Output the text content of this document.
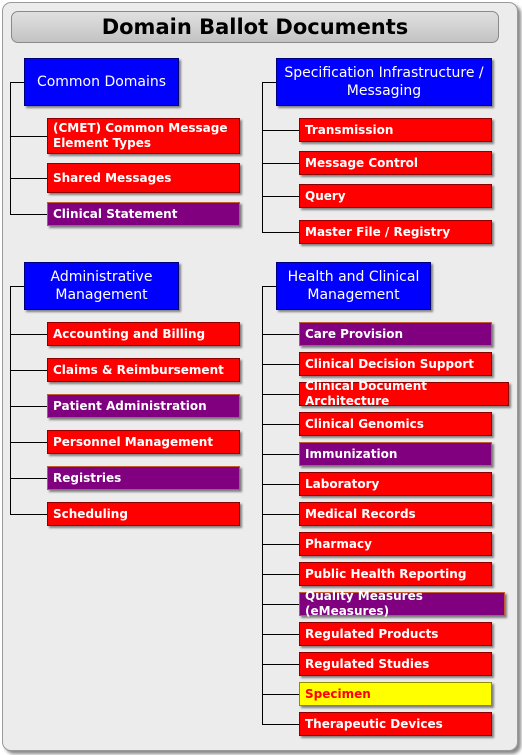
Domain Ballot Documents
Common Domains
(CMET) Common Message Element Types
Shared Messages
Clinical Statement
Specification Infrastructure / Messaging
Transmission
Message Control
Query
Master File / Registry
Administrative Management
Accounting and Billing
Claims & Reimbursement
Patient Administration
Personnel Management
Registries
Scheduling
Health and Clinical Management
Care Provision
Clinical Decision Support
Clinical Document Architecture
Clinical Genomics
Immunization
Laboratory
Medical Records
Pharmacy
Public Health Reporting
Quality Measures (eMeasures)
Regulated Products
Regulated Studies
Specimen
Therapeutic Devices
